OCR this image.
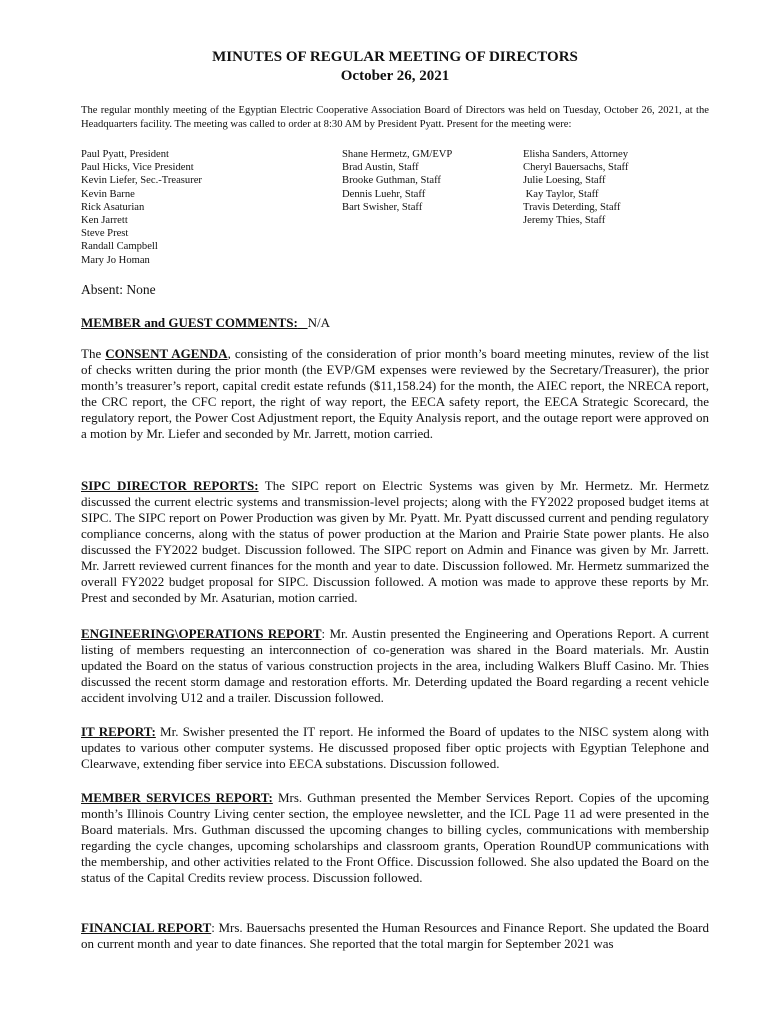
MINUTES OF REGULAR MEETING OF DIRECTORS
October 26, 2021
The regular monthly meeting of the Egyptian Electric Cooperative Association Board of Directors was held on Tuesday, October 26, 2021, at the Headquarters facility. The meeting was called to order at 8:30 AM by President Pyatt. Present for the meeting were:
Paul Pyatt, President
Paul Hicks, Vice President
Kevin Liefer, Sec.-Treasurer
Kevin Barne
Rick Asaturian
Ken Jarrett
Steve Prest
Randall Campbell
Mary Jo Homan
Shane Hermetz, GM/EVP
Brad Austin, Staff
Brooke Guthman, Staff
Dennis Luehr, Staff
Bart Swisher, Staff
Elisha Sanders, Attorney
Cheryl Bauersachs, Staff
Julie Loesing, Staff
Kay Taylor, Staff
Travis Deterding, Staff
Jeremy Thies, Staff
Absent: None
MEMBER and GUEST COMMENTS: N/A
The CONSENT AGENDA, consisting of the consideration of prior month’s board meeting minutes, review of the list of checks written during the prior month (the EVP/GM expenses were reviewed by the Secretary/Treasurer), the prior month’s treasurer’s report, capital credit estate refunds ($11,158.24) for the month, the AIEC report, the NRECA report, the CRC report, the CFC report, the right of way report, the EECA safety report, the EECA Strategic Scorecard, the regulatory report, the Power Cost Adjustment report, the Equity Analysis report, and the outage report were approved on a motion by Mr. Liefer and seconded by Mr. Jarrett, motion carried.
SIPC DIRECTOR REPORTS: The SIPC report on Electric Systems was given by Mr. Hermetz. Mr. Hermetz discussed the current electric systems and transmission-level projects; along with the FY2022 proposed budget items at SIPC. The SIPC report on Power Production was given by Mr. Pyatt. Mr. Pyatt discussed current and pending regulatory compliance concerns, along with the status of power production at the Marion and Prairie State power plants. He also discussed the FY2022 budget. Discussion followed. The SIPC report on Admin and Finance was given by Mr. Jarrett. Mr. Jarrett reviewed current finances for the month and year to date. Discussion followed. Mr. Hermetz summarized the overall FY2022 budget proposal for SIPC. Discussion followed. A motion was made to approve these reports by Mr. Prest and seconded by Mr. Asaturian, motion carried.
ENGINEERING\OPERATIONS REPORT: Mr. Austin presented the Engineering and Operations Report. A current listing of members requesting an interconnection of co-generation was shared in the Board materials. Mr. Austin updated the Board on the status of various construction projects in the area, including Walkers Bluff Casino. Mr. Thies discussed the recent storm damage and restoration efforts. Mr. Deterding updated the Board regarding a recent vehicle accident involving U12 and a trailer. Discussion followed.
IT REPORT: Mr. Swisher presented the IT report. He informed the Board of updates to the NISC system along with updates to various other computer systems. He discussed proposed fiber optic projects with Egyptian Telephone and Clearwave, extending fiber service into EECA substations. Discussion followed.
MEMBER SERVICES REPORT: Mrs. Guthman presented the Member Services Report. Copies of the upcoming month’s Illinois Country Living center section, the employee newsletter, and the ICL Page 11 ad were presented in the Board materials. Mrs. Guthman discussed the upcoming changes to billing cycles, communications with membership regarding the cycle changes, upcoming scholarships and classroom grants, Operation RoundUP communications with the membership, and other activities related to the Front Office. Discussion followed. She also updated the Board on the status of the Capital Credits review process. Discussion followed.
FINANCIAL REPORT: Mrs. Bauersachs presented the Human Resources and Finance Report. She updated the Board on current month and year to date finances. She reported that the total margin for September 2021 was
